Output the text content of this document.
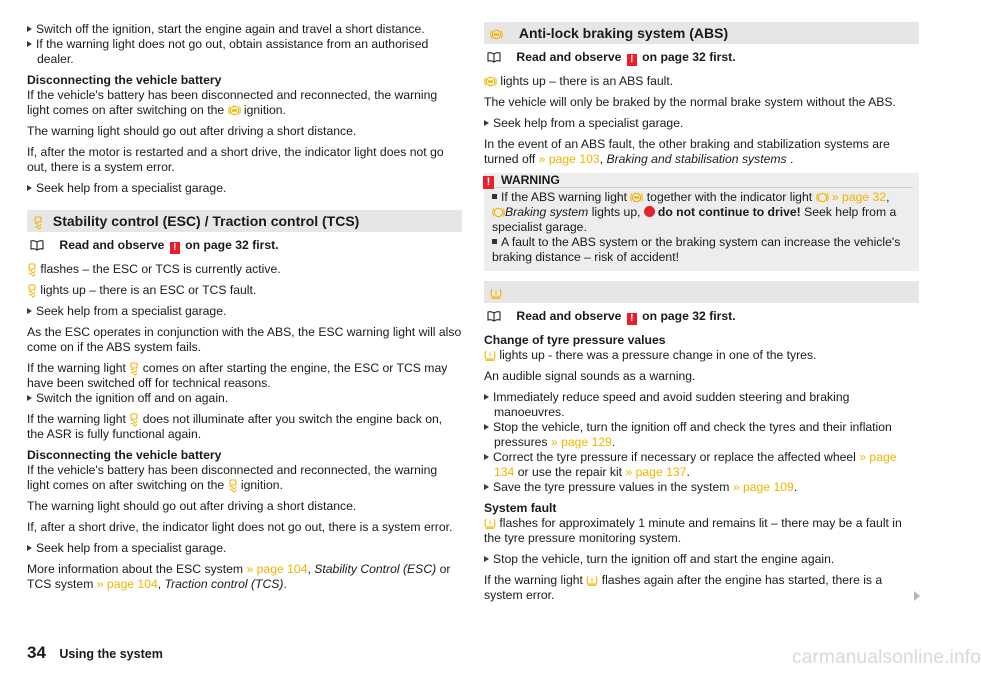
Switch off the ignition, start the engine again and travel a short distance.

If the warning light does not go out, obtain assistance from an authorised dealer.

Disconnecting the vehicle battery
If the vehicle's battery has been disconnected and reconnected, the warning light comes on after switching on the ignition.

The warning light should go out after driving a short distance.

If, after the motor is restarted and a short drive, the indicator light does not go out, there is a system error.

Seek help from a specialist garage.

Stability control (ESC) / Traction control (TCS)

Read and observe ! on page 32 first.

flashes – the ESC or TCS is currently active.

lights up – there is an ESC or TCS fault.

Seek help from a specialist garage.

As the ESC operates in conjunction with the ABS, the ESC warning light will also come on if the ABS system fails.

If the warning light comes on after starting the engine, the ESC or TCS may have been switched off for technical reasons.

Switch the ignition off and on again.

If the warning light does not illuminate after you switch the engine back on, the ASR is fully functional again.

Disconnecting the vehicle battery
If the vehicle's battery has been disconnected and reconnected, the warning light comes on after switching on the ignition.

The warning light should go out after driving a short distance.

If, after a short drive, the indicator light does not go out, there is a system error.

Seek help from a specialist garage.

More information about the ESC system » page 104, Stability Control (ESC) or TCS system » page 104, Traction control (TCS).

Anti-lock braking system (ABS)

Read and observe ! on page 32 first.

lights up – there is an ABS fault.

The vehicle will only be braked by the normal brake system without the ABS.

Seek help from a specialist garage.

In the event of an ABS fault, the other braking and stabilization systems are turned off » page 103, Braking and stabilisation systems .

! WARNING

If the ABS warning light together with the indicator light » page 32,
Braking system lights up, do not continue to drive! Seek help from a specialist garage.

A fault to the ABS system or the braking system can increase the vehicle's braking distance – risk of accident!

Read and observe ! on page 32 first.

Change of tyre pressure values
lights up - there was a pressure change in one of the tyres.

An audible signal sounds as a warning.

Immediately reduce speed and avoid sudden steering and braking manoeuvres.

Stop the vehicle, turn the ignition off and check the tyres and their inflation pressures » page 129.

Correct the tyre pressure if necessary or replace the affected wheel » page 134 or use the repair kit » page 137.

Save the tyre pressure values in the system » page 109.

System fault
flashes for approximately 1 minute and remains lit – there may be a fault in the tyre pressure monitoring system.

Stop the vehicle, turn the ignition off and start the engine again.

If the warning light flashes again after the engine has started, there is a system error.

34 Using the system	carmanualsonline.info
